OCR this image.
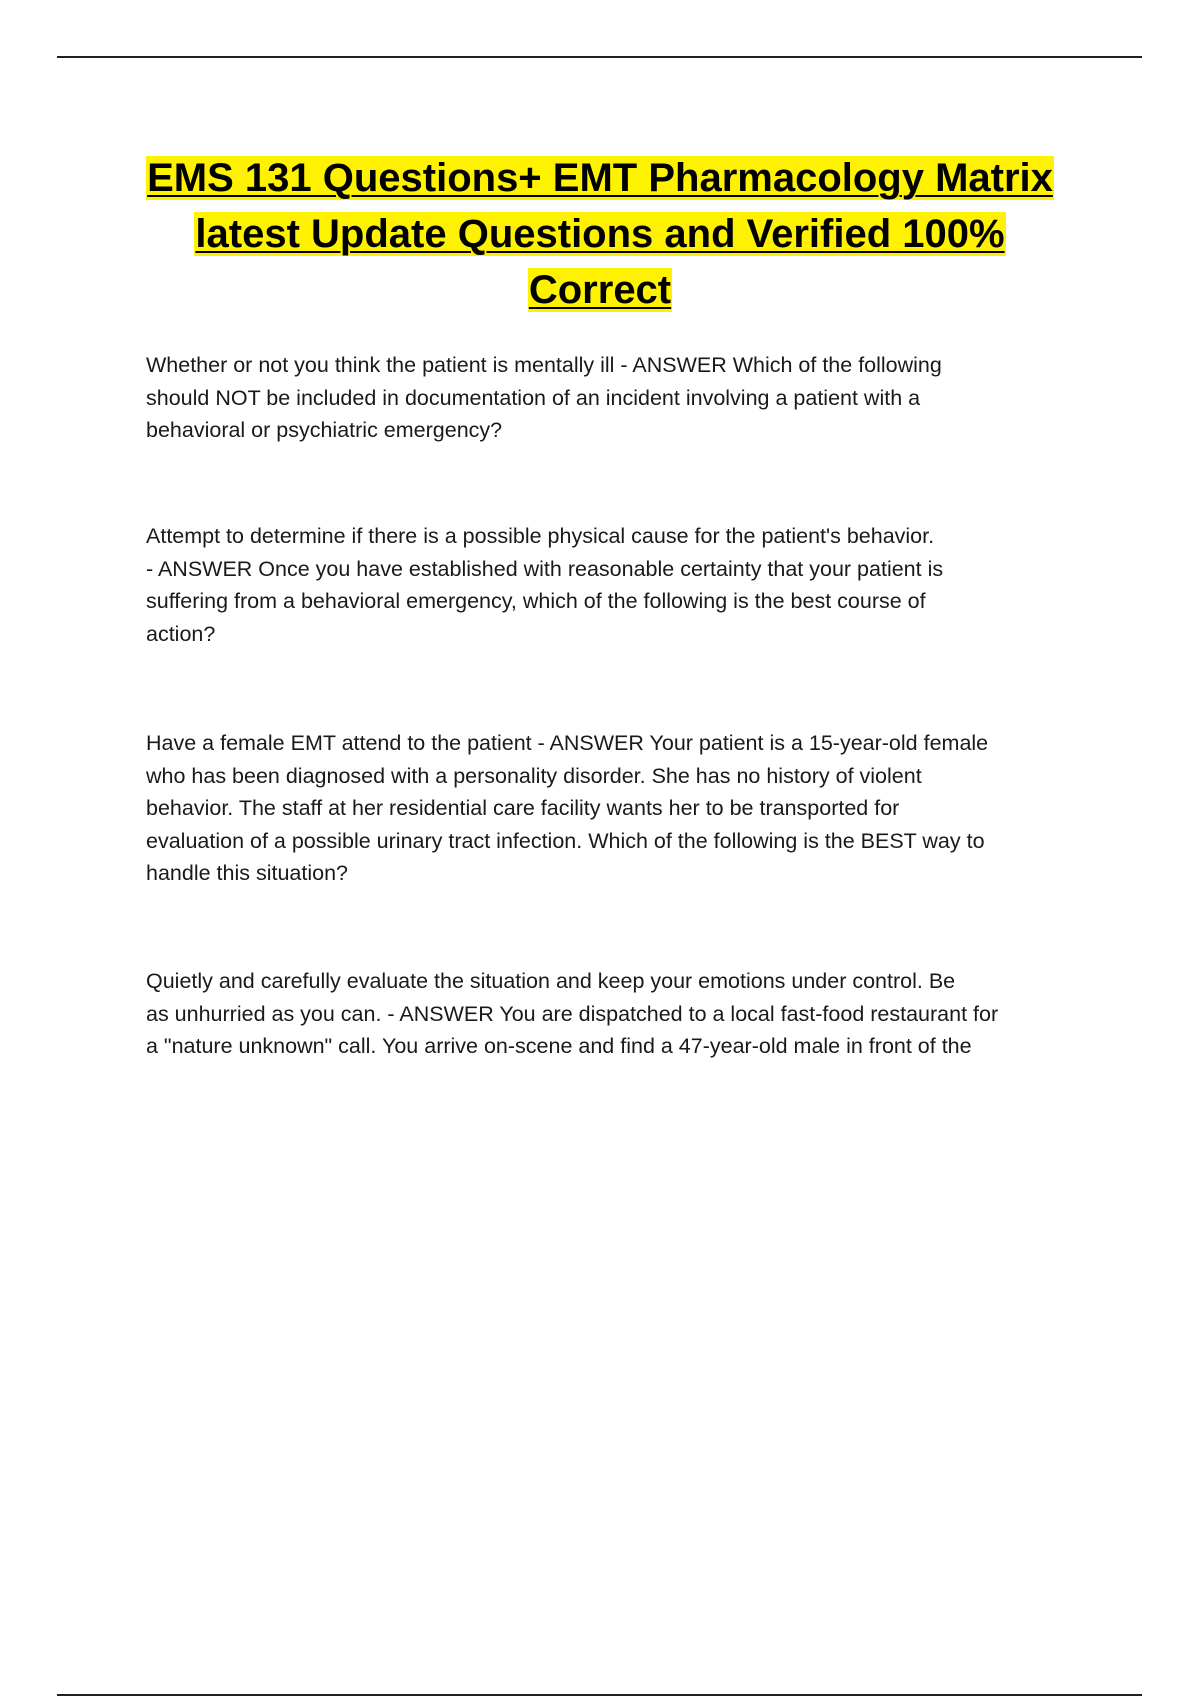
EMS 131 Questions+ EMT Pharmacology Matrix
latest Update Questions and Verified 100%
Correct

Whether or not you think the patient is mentally ill - ANSWER Which of the following
should NOT be included in documentation of an incident involving a patient with a
behavioral or psychiatric emergency?

Attempt to determine if there is a possible physical cause for the patient's behavior.
- ANSWER Once you have established with reasonable certainty that your patient is
suffering from a behavioral emergency, which of the following is the best course of
action?

Have a female EMT attend to the patient - ANSWER Your patient is a 15-year-old female
who has been diagnosed with a personality disorder. She has no history of violent
behavior. The staff at her residential care facility wants her to be transported for
evaluation of a possible urinary tract infection. Which of the following is the BEST way to
handle this situation?

Quietly and carefully evaluate the situation and keep your emotions under control. Be
as unhurried as you can. - ANSWER You are dispatched to a local fast-food restaurant for
a "nature unknown" call. You arrive on-scene and find a 47-year-old male in front of the
